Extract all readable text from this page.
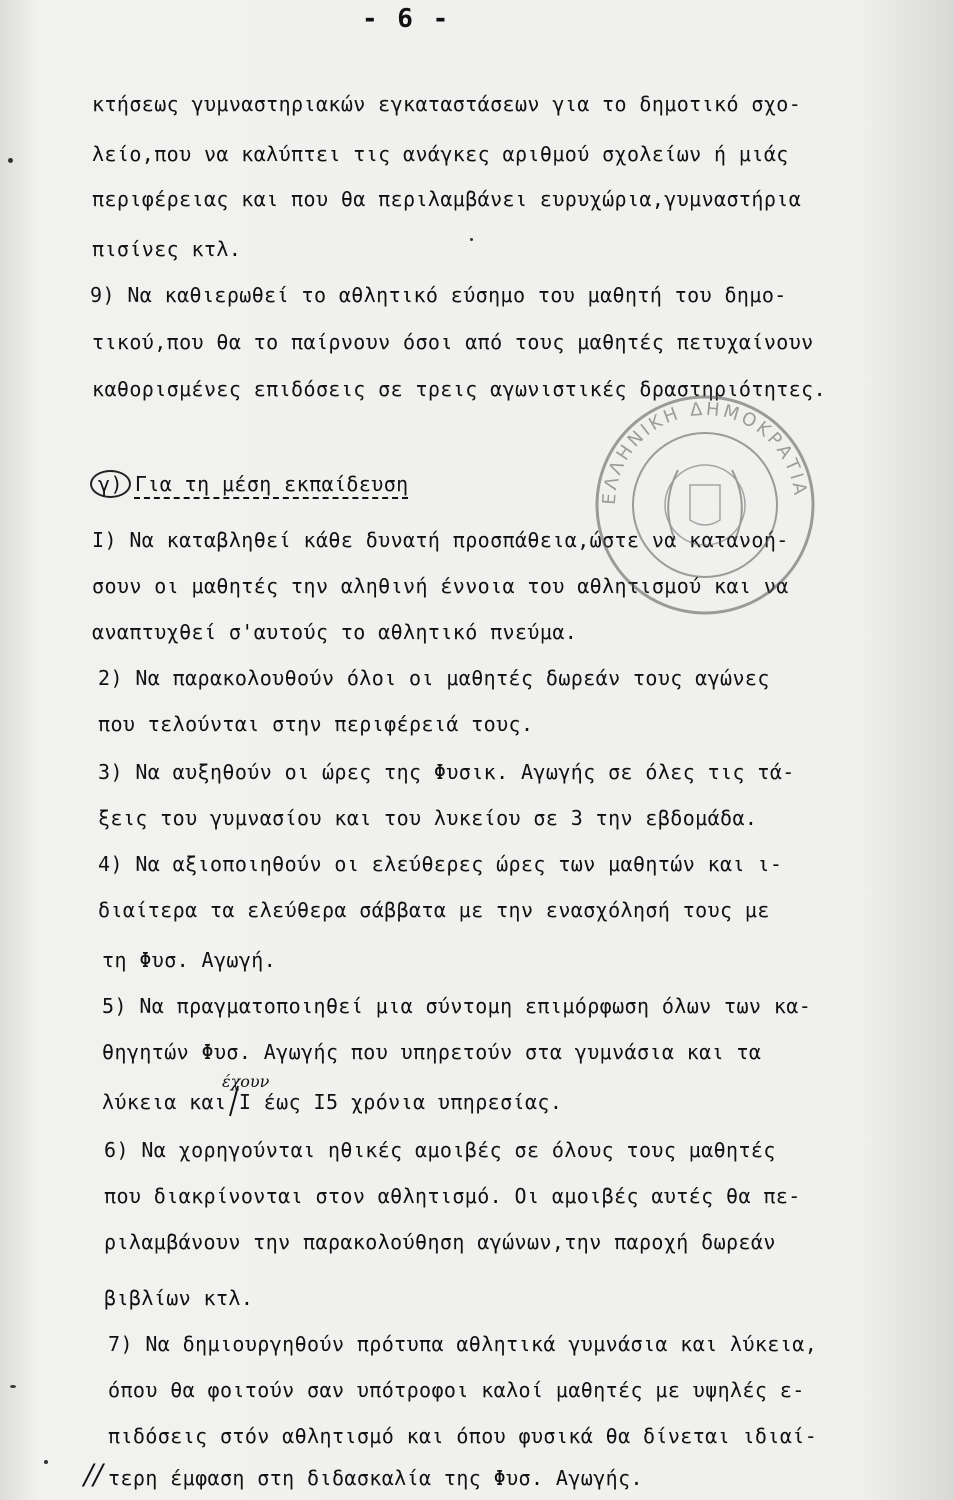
- 6 -
κτήσεως γυμναστηριακών εγκαταστάσεων για το δημοτικό σχο-
λείο,που να καλύπτει τις ανάγκες αριθμού σχολείων ή μιάς
περιφέρειας και που θα περιλαμβάνει ευρυχώρια,γυμναστήρια
πισίνες κτλ.
9) Να καθιερωθεί το αθλητικό εύσημο του μαθητή του δημο-
τικού,που θα το παίρνουν όσοι από τους μαθητές πετυχαίνουν
καθορισμένες επιδόσεις σε τρεις αγωνιστικές δραστηριότητες.
γ) Για τη μέση εκπαίδευση
I) Να καταβληθεί κάθε δυνατή προσπάθεια,ώστε να κατανοή-
σουν οι μαθητές την αληθινή έννοια του αθλητισμού και να
αναπτυχθεί σ'αυτούς το αθλητικό πνεύμα.
2) Να παρακολουθούν όλοι οι μαθητές δωρεάν τους αγώνες
που τελούνται στην περιφέρειά τους.
3) Να αυξηθούν οι ώρες της Φυσικ. Αγωγής σε όλες τις τά-
ξεις του γυμνασίου και του λυκείου σε 3 την εβδομάδα.
4) Να αξιοποιηθούν οι ελεύθερες ώρες των μαθητών και ι-
διαίτερα τα ελεύθερα σάββατα με την ενασχόλησή τους με
τη Φυσ. Αγωγή.
5) Να πραγματοποιηθεί μια σύντομη επιμόρφωση όλων των κα-
θηγητών Φυσ. Αγωγής που υπηρετούν στα γυμνάσια και τα
λύκεια και I έως I5 χρόνια υπηρεσίας.
6) Να χορηγούνται ηθικές αμοιβές σε όλους τους μαθητές
που διακρίνονται στον αθλητισμό. Οι αμοιβές αυτές θα πε-
ριλαμβάνουν την παρακολούθηση αγώνων,την παροχή δωρεάν
βιβλίων κτλ.
7) Να δημιουργηθούν πρότυπα αθλητικά γυμνάσια και λύκεια,
όπου θα φοιτούν σαν υπότροφοι καλοί μαθητές με υψηλές ε-
πιδόσεις στόν αθλητισμό και όπου φυσικά θα δίνεται ιδιαί-
τερη έμφαση στη διδασκαλία της Φυσ. Αγωγής.
έχουν
ΕΛΛΗΝΙΚΗ ΔΗΜΟΚΡΑΤΙΑ
//
